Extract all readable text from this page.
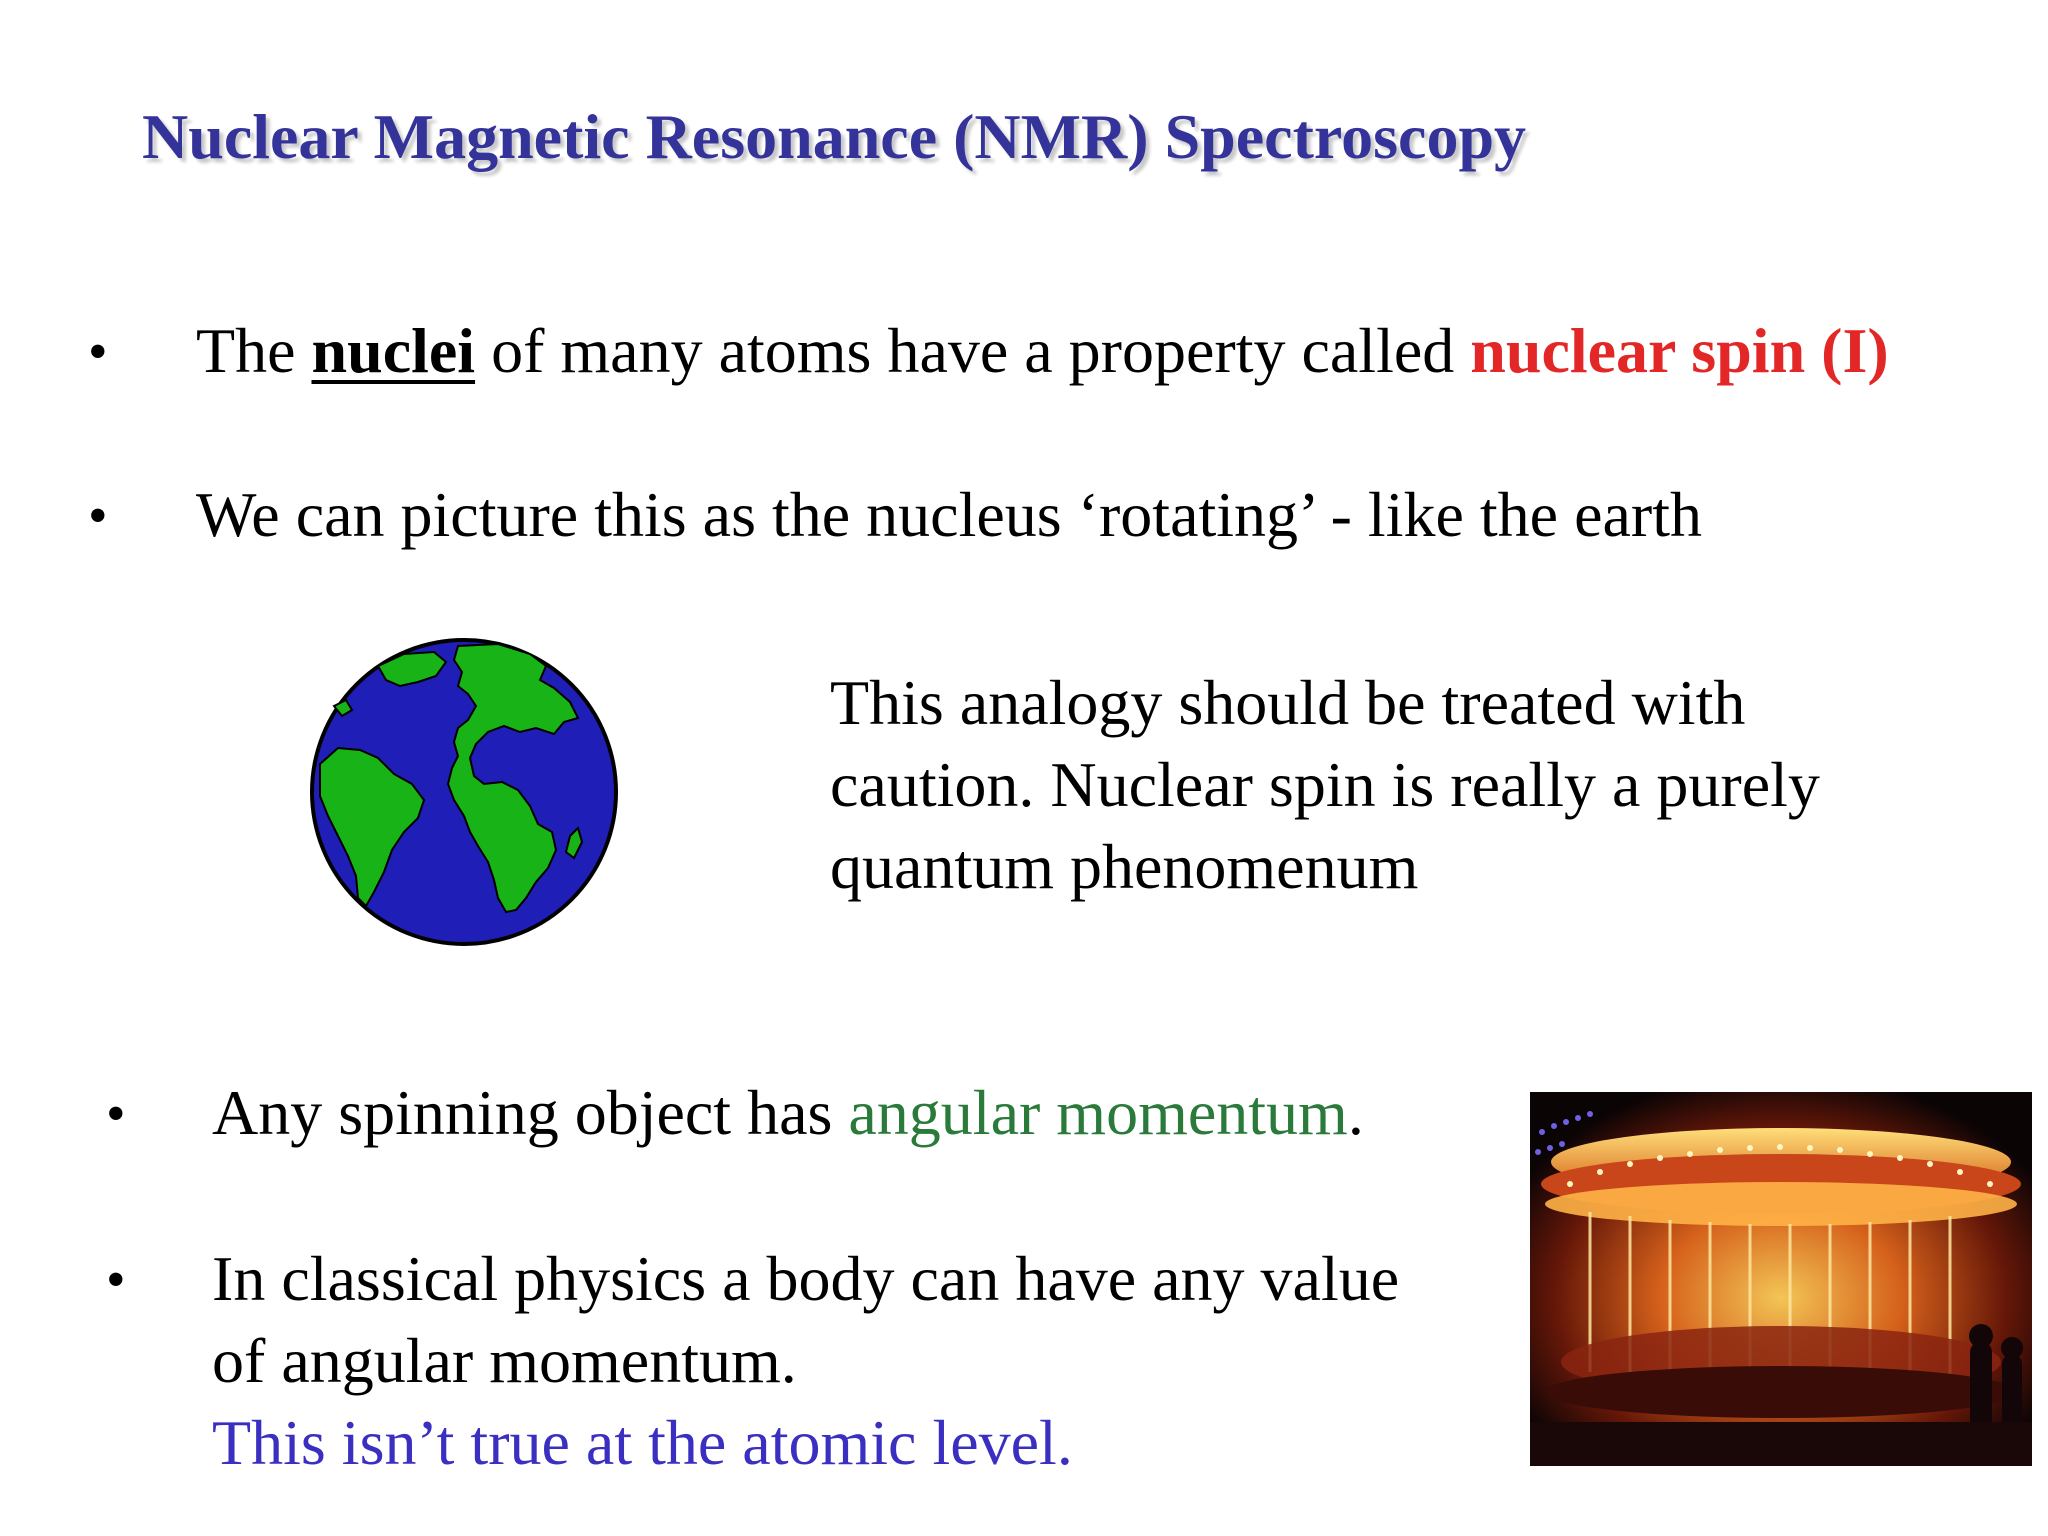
Nuclear Magnetic Resonance (NMR) Spectroscopy
• The nuclei of many atoms have a property called nuclear spin (I)
• We can picture this as the nucleus ‘rotating’ - like the earth
This analogy should be treated with
caution. Nuclear spin is really a purely
quantum phenomenum
• Any spinning object has angular momentum.
• In classical physics a body can have any value
of angular momentum.
This isn’t true at the atomic level.
